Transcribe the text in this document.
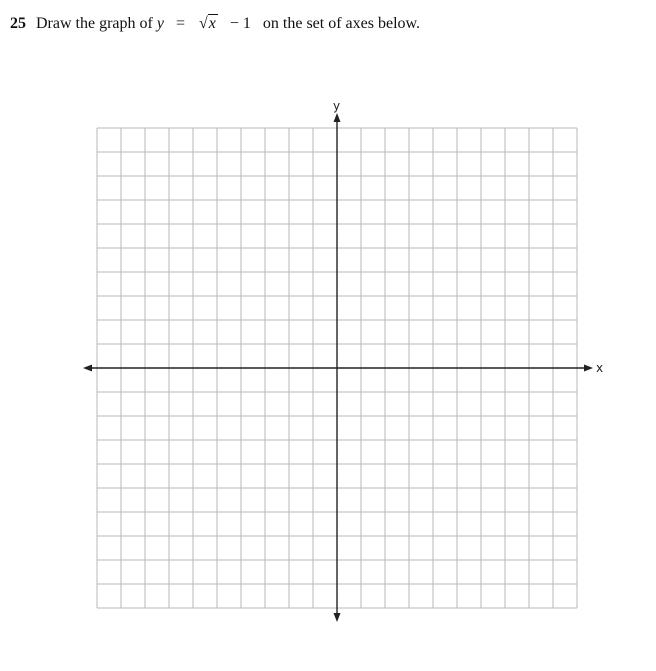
25 Draw the graph of y = √x − 1 on the set of axes below.
x
y
